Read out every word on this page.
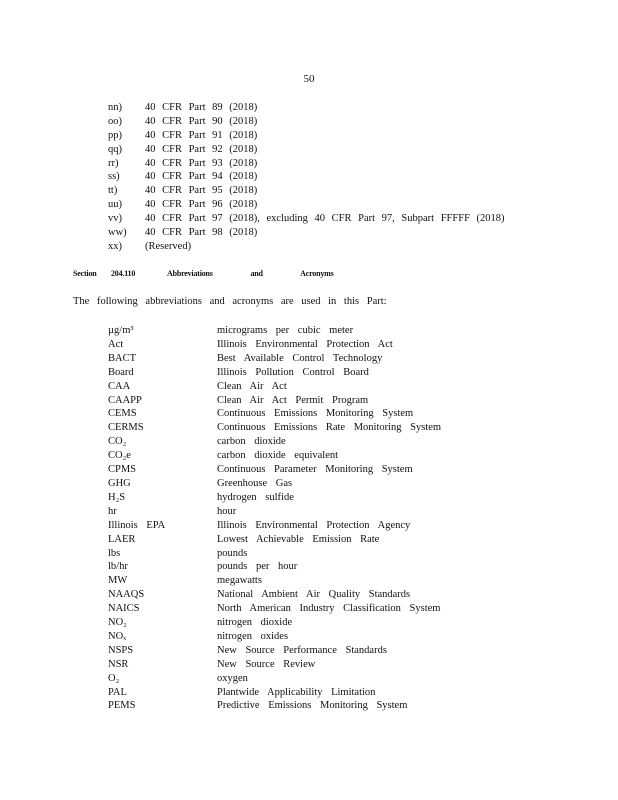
50
nn)	40 CFR Part 89 (2018)
oo)	40 CFR Part 90 (2018)
pp)	40 CFR Part 91 (2018)
qq)	40 CFR Part 92 (2018)
rr)	40 CFR Part 93 (2018)
ss)	40 CFR Part 94 (2018)
tt)	40 CFR Part 95 (2018)
uu)	40 CFR Part 96 (2018)
vv)	40 CFR Part 97 (2018), excluding 40 CFR Part 97, Subpart FFFFF (2018)
ww)	40 CFR Part 98 (2018)
xx)	(Reserved)
Section	204.110	Abbreviations and Acronyms
The following abbreviations and acronyms are used in this Part:
µg/m³	micrograms per cubic meter
Act	Illinois Environmental Protection Act
BACT	Best Available Control Technology
Board	Illinois Pollution Control Board
CAA	Clean Air Act
CAAPP	Clean Air Act Permit Program
CEMS	Continuous Emissions Monitoring System
CERMS	Continuous Emissions Rate Monitoring System
CO₂	carbon dioxide
CO₂e	carbon dioxide equivalent
CPMS	Continuous Parameter Monitoring System
GHG	Greenhouse Gas
H₂S	hydrogen sulfide
hr	hour
Illinois EPA	Illinois Environmental Protection Agency
LAER	Lowest Achievable Emission Rate
lbs	pounds
lb/hr	pounds per hour
MW	megawatts
NAAQS	National Ambient Air Quality Standards
NAICS	North American Industry Classification System
NO₂	nitrogen dioxide
NOₓ	nitrogen oxides
NSPS	New Source Performance Standards
NSR	New Source Review
O₂	oxygen
PAL	Plantwide Applicability Limitation
PEMS	Predictive Emissions Monitoring System
